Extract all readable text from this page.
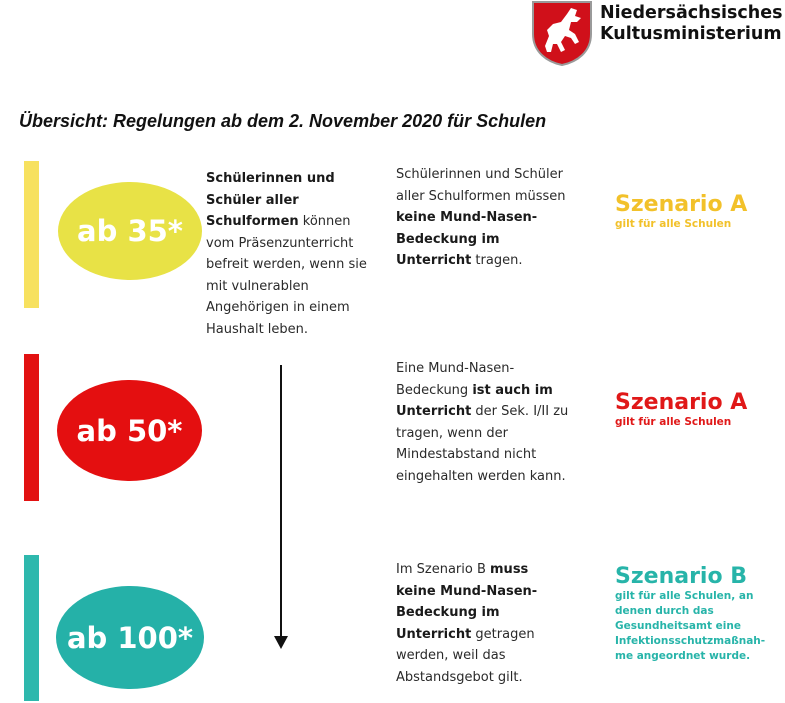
Niedersächsisches
Kultusministerium
Übersicht: Regelungen ab dem 2. November 2020 für Schulen
ab 35*
ab 50*
ab 100*
Schülerinnen und Schüler aller Schulformen können vom Präsenzunterricht befreit werden, wenn sie mit vulnerablen Angehörigen in einem Haushalt leben.
Schülerinnen und Schüler aller Schulformen müssen keine Mund-Nasen-Bedeckung im Unterricht tragen.
Eine Mund-Nasen-Bedeckung ist auch im Unterricht der Sek. I/II zu tragen, wenn der Mindestabstand nicht eingehalten werden kann.
Im Szenario B muss keine Mund-Nasen-Bedeckung im Unterricht getragen werden, weil das Abstandsgebot gilt.
Szenario A
gilt für alle Schulen
Szenario A
gilt für alle Schulen
Szenario B
gilt für alle Schulen, an denen durch das Gesundheitsamt eine Infektionsschutzmaßnah-me angeordnet wurde.
